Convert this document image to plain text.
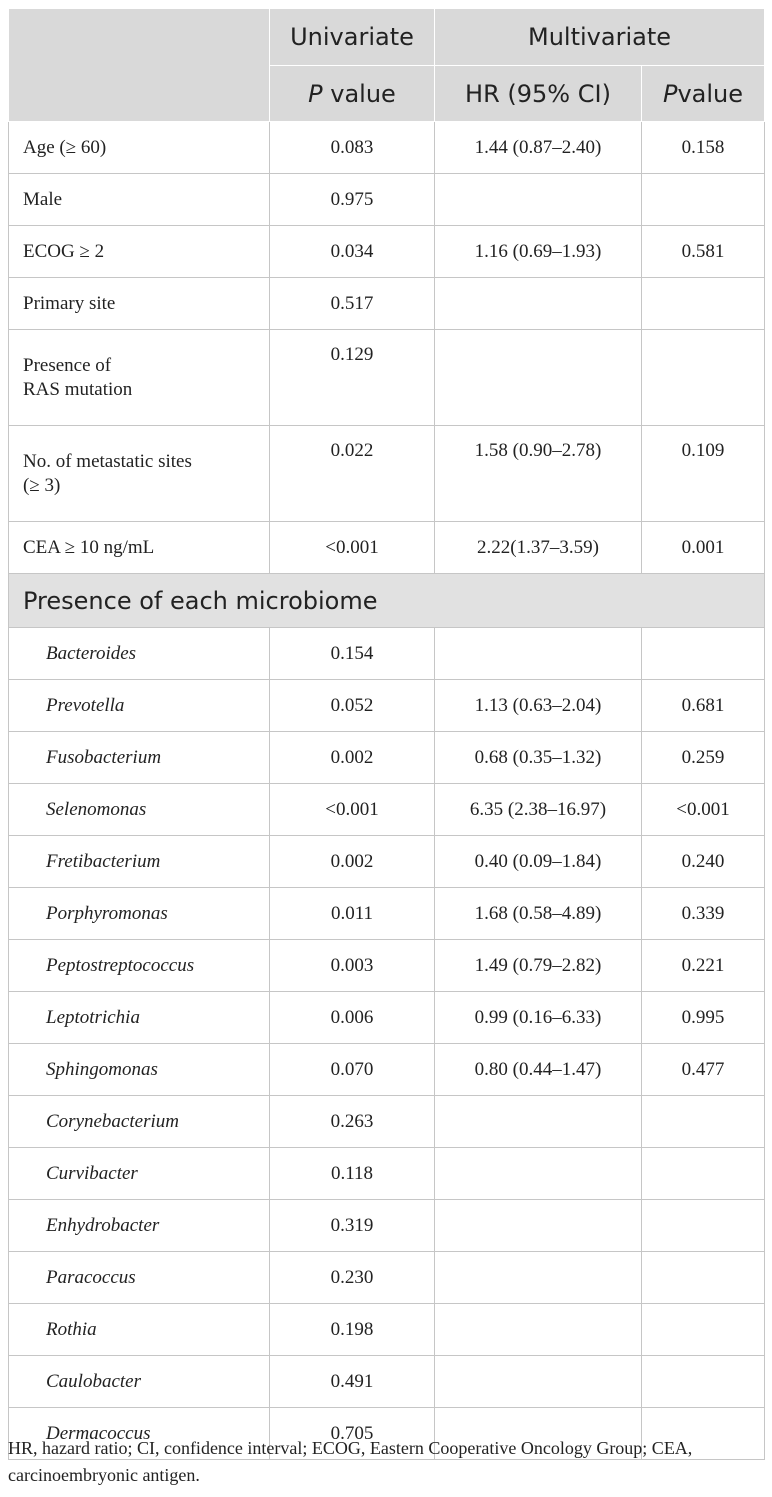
	Univariate	Multivariate	
	P value	HR (95% CI)	Pvalue
Age (≥ 60)	0.083	1.44 (0.87–2.40)	0.158
Male	0.975		
ECOG ≥ 2	0.034	1.16 (0.69–1.93)	0.581
Primary site	0.517		
Presence of
RAS mutation	0.129		
No. of metastatic sites
(≥ 3)	0.022	1.58 (0.90–2.78)	0.109
CEA ≥ 10 ng/mL	<0.001	2.22(1.37–3.59)	0.001
Presence of each microbiome			
Bacteroides	0.154		
Prevotella	0.052	1.13 (0.63–2.04)	0.681
Fusobacterium	0.002	0.68 (0.35–1.32)	0.259
Selenomonas	<0.001	6.35 (2.38–16.97)	<0.001
Fretibacterium	0.002	0.40 (0.09–1.84)	0.240
Porphyromonas	0.011	1.68 (0.58–4.89)	0.339
Peptostreptococcus	0.003	1.49 (0.79–2.82)	0.221
Leptotrichia	0.006	0.99 (0.16–6.33)	0.995
Sphingomonas	0.070	0.80 (0.44–1.47)	0.477
Corynebacterium	0.263		
Curvibacter	0.118		
Enhydrobacter	0.319		
Paracoccus	0.230		
Rothia	0.198		
Caulobacter	0.491		
Dermacoccus	0.705		
HR, hazard ratio; CI, confidence interval; ECOG, Eastern Cooperative Oncology Group; CEA, carcinoembryonic antigen.
